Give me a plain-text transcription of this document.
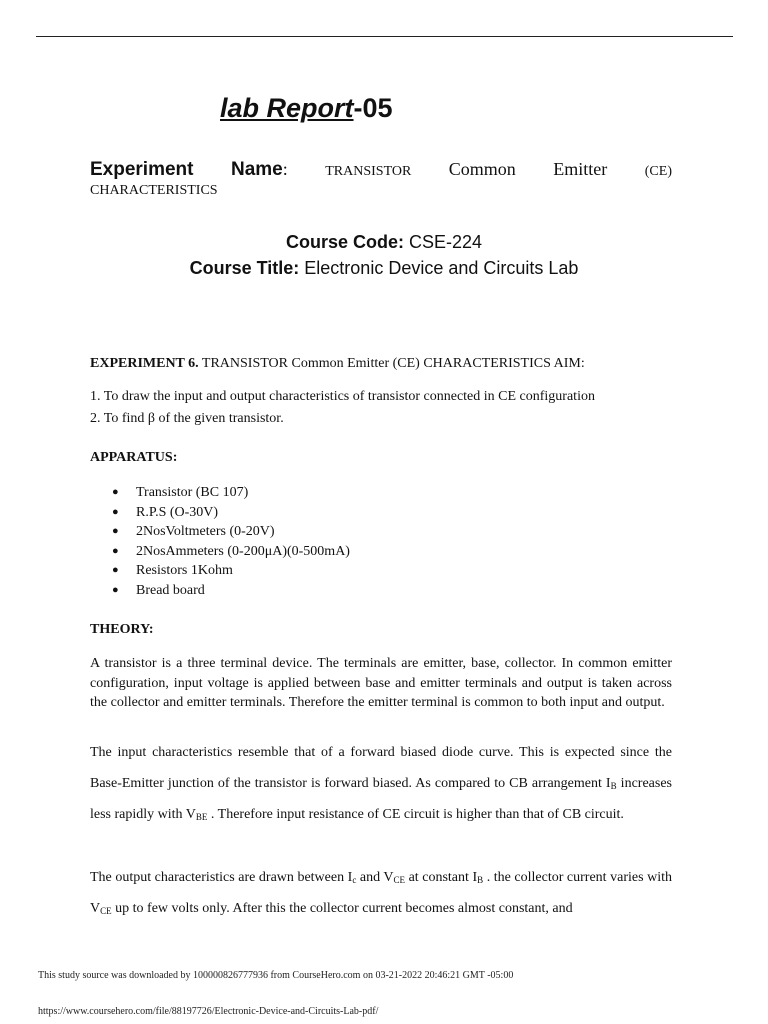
lab Report-05
Experiment Name:	TRANSISTOR Common Emitter	(CE)
CHARACTERISTICS
Course Code: CSE-224
Course Title: Electronic Device and Circuits Lab
EXPERIMENT 6. TRANSISTOR Common Emitter (CE) CHARACTERISTICS AIM:
1. To draw the input and output characteristics of transistor connected in CE configuration
2. To find β of the given transistor.
APPARATUS:
● Transistor (BC 107)
● R.P.S (O-30V)
● 2NosVoltmeters (0-20V)
● 2NosAmmeters (0-200μA)(0-500mA)
● Resistors 1Kohm
● Bread board
THEORY:
A transistor is a three terminal device. The terminals are emitter, base, collector. In common emitter configuration, input voltage is applied between base and emitter terminals and output is taken across the collector and emitter terminals. Therefore the emitter terminal is common to both input and output.
The input characteristics resemble that of a forward biased diode curve. This is expected since the Base-Emitter junction of the transistor is forward biased. As compared to CB arrangement $I_B$ increases less rapidly with $V_{BE}$ . Therefore input resistance of CE circuit is higher than that of CB circuit.
The output characteristics are drawn between $I_c$ and $V_{CE}$ at constant $I_B$ . the collector current varies with $V_{CE}$ up to few volts only. After this the collector current becomes almost constant, and
This study source was downloaded by 100000826777936 from CourseHero.com on 03-21-2022 20:46:21 GMT -05:00
https://www.coursehero.com/file/88197726/Electronic-Device-and-Circuits-Lab-pdf/
